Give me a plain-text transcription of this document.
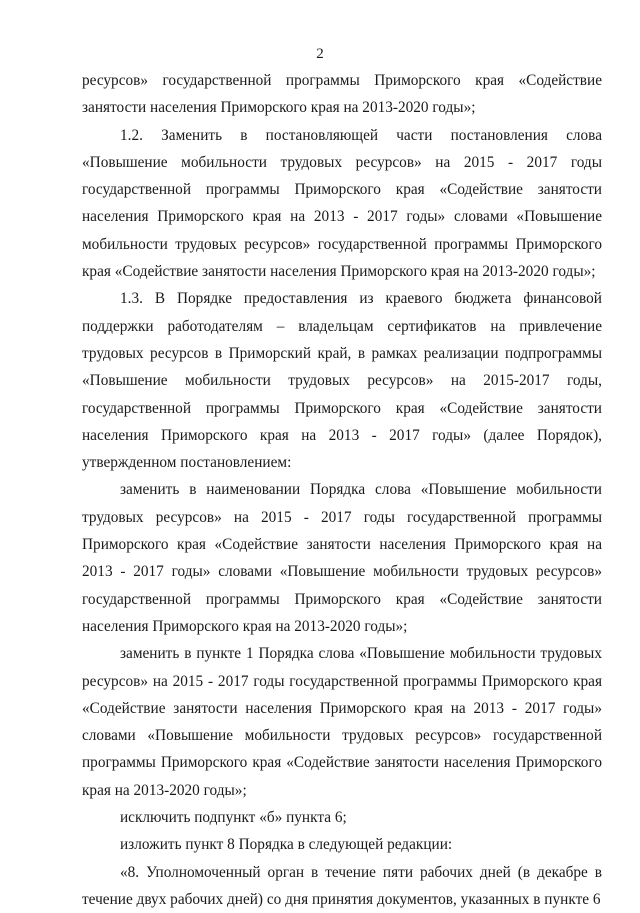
2

ресурсов» государственной программы Приморского края «Содействие занятости населения Приморского края на 2013-2020 годы»;

1.2. Заменить в постановляющей части постановления слова «Повышение мобильности трудовых ресурсов» на 2015 - 2017 годы государственной программы Приморского края «Содействие занятости населения Приморского края на 2013 - 2017 годы» словами «Повышение мобильности трудовых ресурсов» государственной программы Приморского края «Содействие занятости населения Приморского края на 2013-2020 годы»;

1.3. В Порядке предоставления из краевого бюджета финансовой поддержки работодателям – владельцам сертификатов на привлечение трудовых ресурсов в Приморский край, в рамках реализации подпрограммы «Повышение мобильности трудовых ресурсов» на 2015-2017 годы, государственной программы Приморского края «Содействие занятости населения Приморского края на 2013 - 2017 годы» (далее Порядок), утвержденном постановлением:

заменить в наименовании Порядка слова «Повышение мобильности трудовых ресурсов» на 2015 - 2017 годы государственной программы Приморского края «Содействие занятости населения Приморского края на 2013 - 2017 годы» словами «Повышение мобильности трудовых ресурсов» государственной программы Приморского края «Содействие занятости населения Приморского края на 2013-2020 годы»;

заменить в пункте 1 Порядка слова «Повышение мобильности трудовых ресурсов» на 2015 - 2017 годы государственной программы Приморского края «Содействие занятости населения Приморского края на 2013 - 2017 годы» словами «Повышение мобильности трудовых ресурсов» государственной программы Приморского края «Содействие занятости населения Приморского края на 2013-2020 годы»;

исключить подпункт «б» пункта 6;

изложить пункт 8 Порядка в следующей редакции:

«8. Уполномоченный орган в течение пяти рабочих дней (в декабре в течение двух рабочих дней) со дня принятия документов, указанных в пункте 6
